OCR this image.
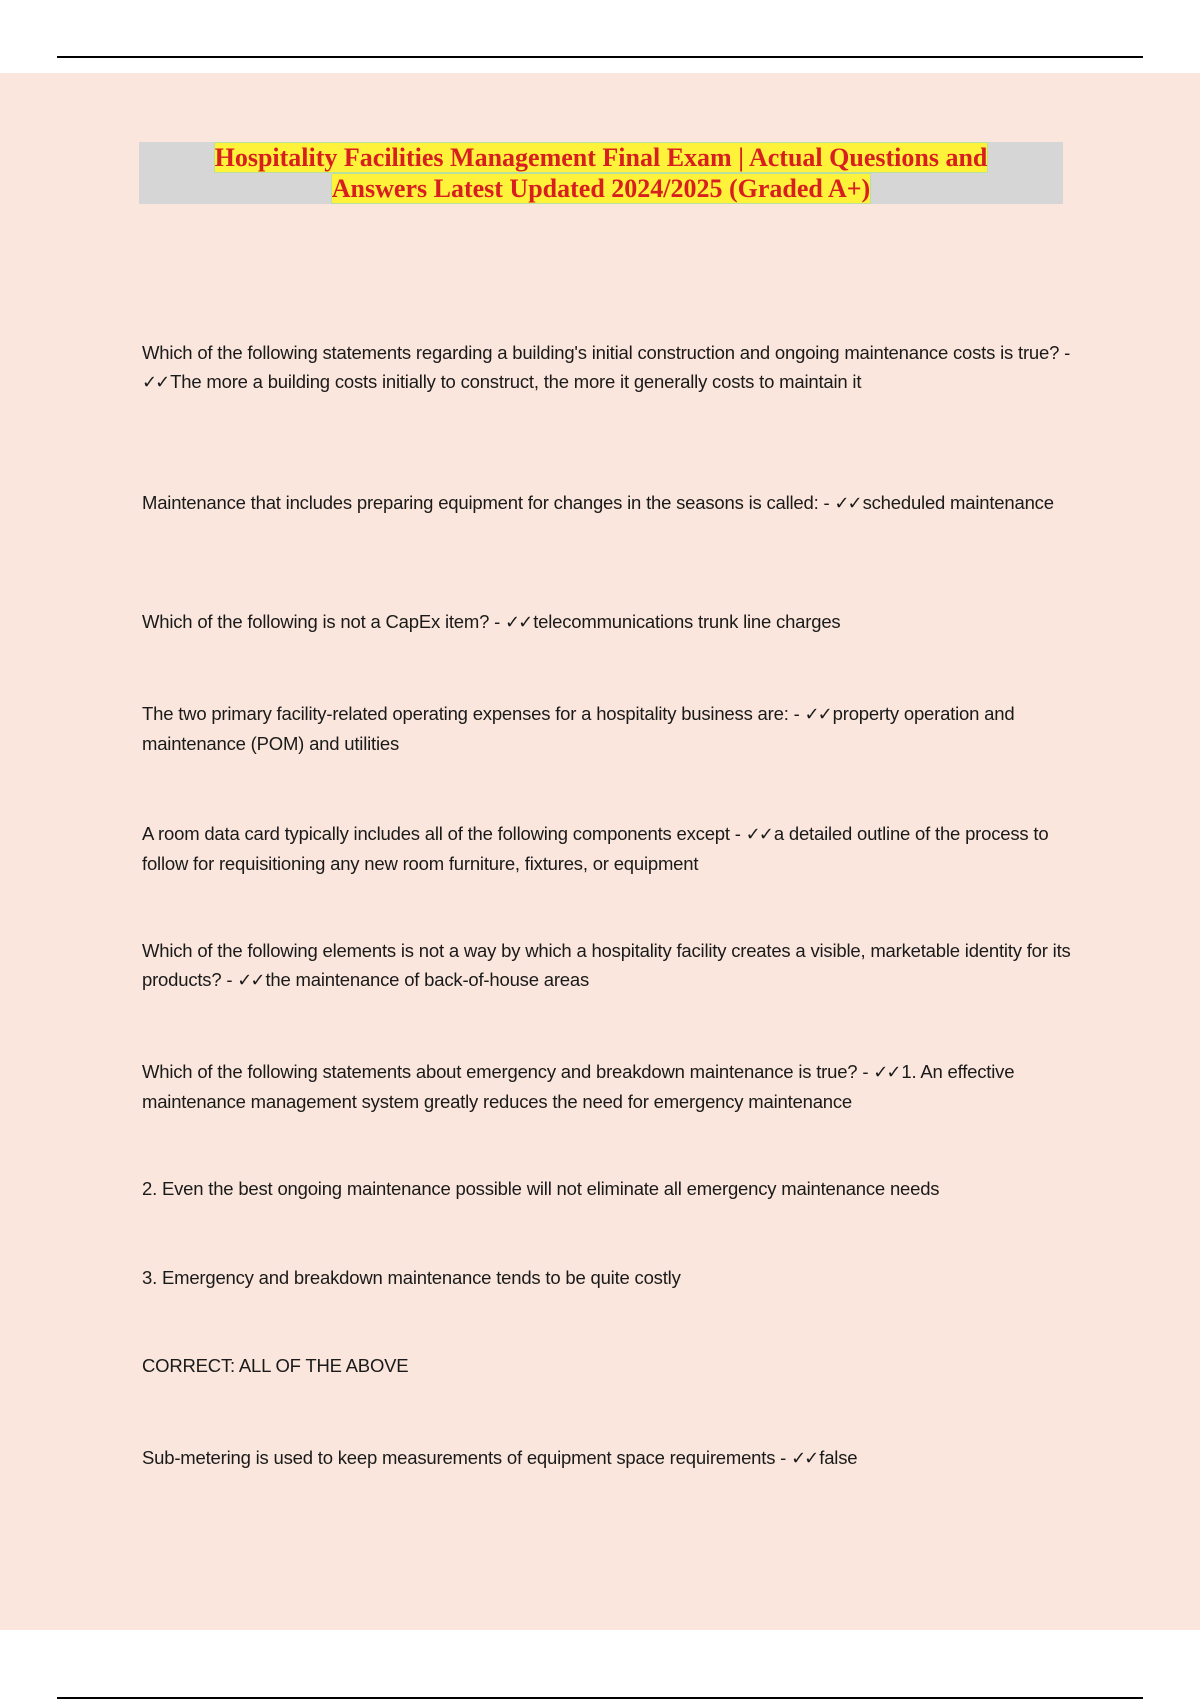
Hospitality Facilities Management Final Exam | Actual Questions and
Answers Latest Updated 2024/2025 (Graded A+)
Which of the following statements regarding a building's initial construction and ongoing maintenance costs is true? - ✓✓ The more a building costs initially to construct, the more it generally costs to maintain it
Maintenance that includes preparing equipment for changes in the seasons is called: - ✓✓ scheduled maintenance
Which of the following is not a CapEx item? - ✓✓ telecommunications trunk line charges
The two primary facility-related operating expenses for a hospitality business are: - ✓✓ property operation and maintenance (POM) and utilities
A room data card typically includes all of the following components except - ✓✓ a detailed outline of the process to follow for requisitioning any new room furniture, fixtures, or equipment
Which of the following elements is not a way by which a hospitality facility creates a visible, marketable identity for its products? - ✓✓ the maintenance of back-of-house areas
Which of the following statements about emergency and breakdown maintenance is true? - ✓✓ 1. An effective maintenance management system greatly reduces the need for emergency maintenance
2. Even the best ongoing maintenance possible will not eliminate all emergency maintenance needs
3. Emergency and breakdown maintenance tends to be quite costly
CORRECT: ALL OF THE ABOVE
Sub-metering is used to keep measurements of equipment space requirements - ✓✓ false
